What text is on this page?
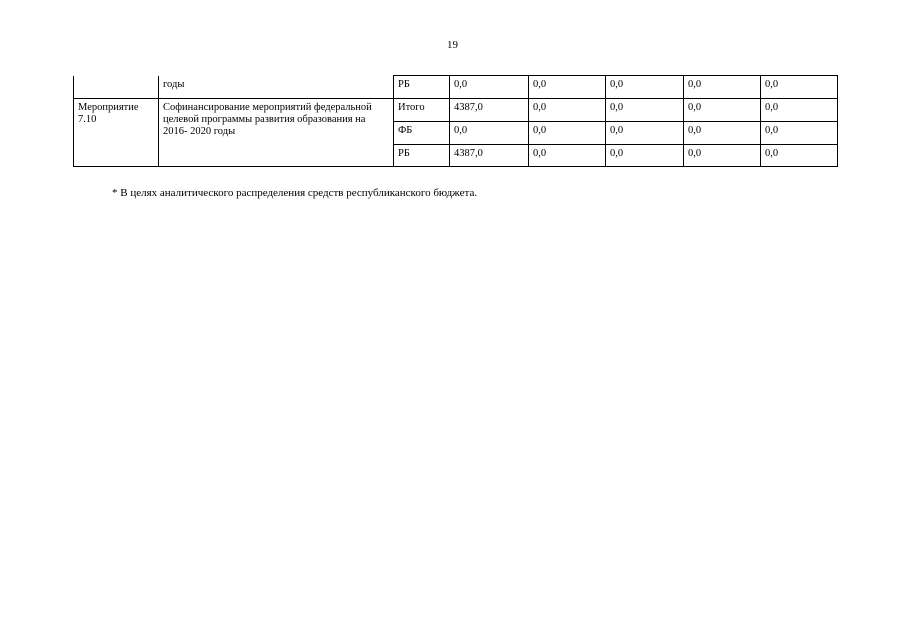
19
	годы	РБ	0,0	0,0	0,0	0,0	0,0
Мероприятие 7.10	Софинансирование мероприятий федеральной целевой программы развития образования на 2016- 2020 годы	Итого	4387,0	0,0	0,0	0,0	0,0
		ФБ	0,0	0,0	0,0	0,0	0,0
		РБ	4387,0	0,0	0,0	0,0	0,0
* В целях аналитического распределения средств республиканского бюджета.
